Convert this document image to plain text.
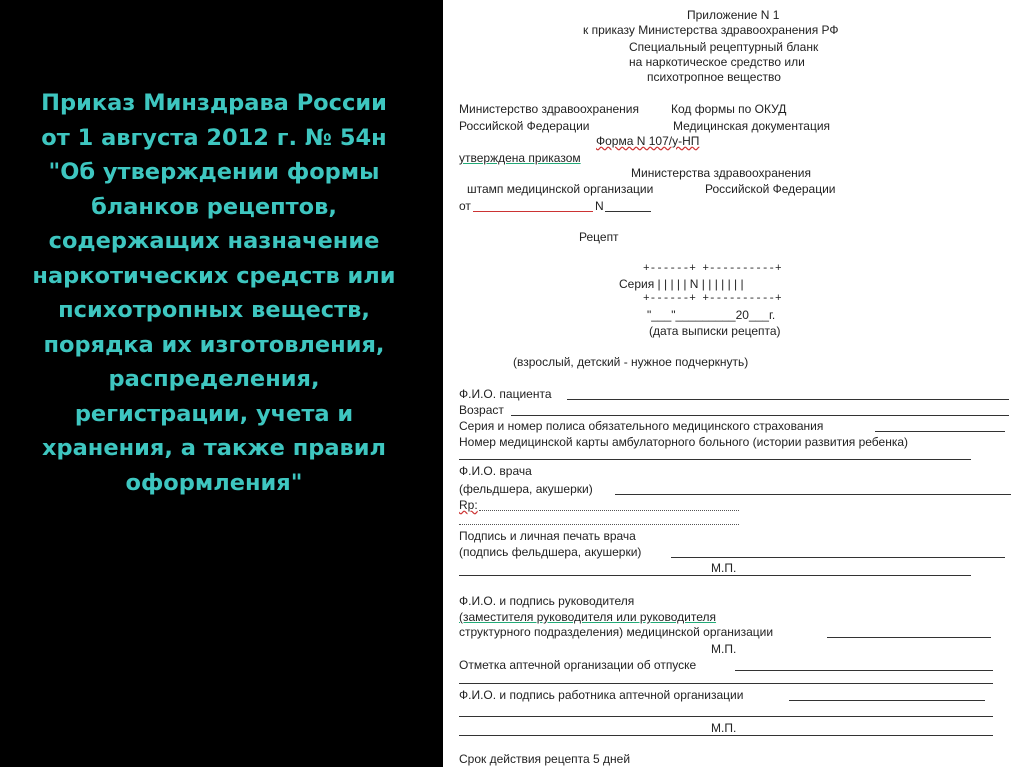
Приказ Минздрава России
от 1 августа 2012 г. № 54н
"Об утверждении формы
бланков рецептов,
содержащих назначение
наркотических средств или
психотропных веществ,
порядка их изготовления,
распределения,
регистрации, учета и
хранения, а также правил
оформления"
Приложение N 1
к приказу Министерства здравоохранения РФ
Специальный рецептурный бланк
на наркотическое средство или
психотропное вещество
Министерство здравоохранения	Код формы по ОКУД
Российской Федерации	Медицинская документация
Форма N 107/у-НП
утверждена приказом
Министерства здравоохранения
штамп медицинской организации	Российской Федерации
от	N
Рецепт
+------+ +----------+
Серия | | | | | N | | | | | | |
+------+ +----------+
"___"_________20___г.
(дата выписки рецепта)
(взрослый, детский - нужное подчеркнуть)
Ф.И.О. пациента
Возраст
Серия и номер полиса обязательного медицинского страхования
Номер медицинской карты амбулаторного больного (истории развития ребенка)
Ф.И.О. врача
(фельдшера, акушерки)
Rp:
Подпись и личная печать врача
(подпись фельдшера, акушерки)
М.П.
Ф.И.О. и подпись руководителя
(заместителя руководителя или руководителя
структурного подразделения) медицинской организации
М.П.
Отметка аптечной организации об отпуске
Ф.И.О. и подпись работника аптечной организации
М.П.
Срок действия рецепта 5 дней
